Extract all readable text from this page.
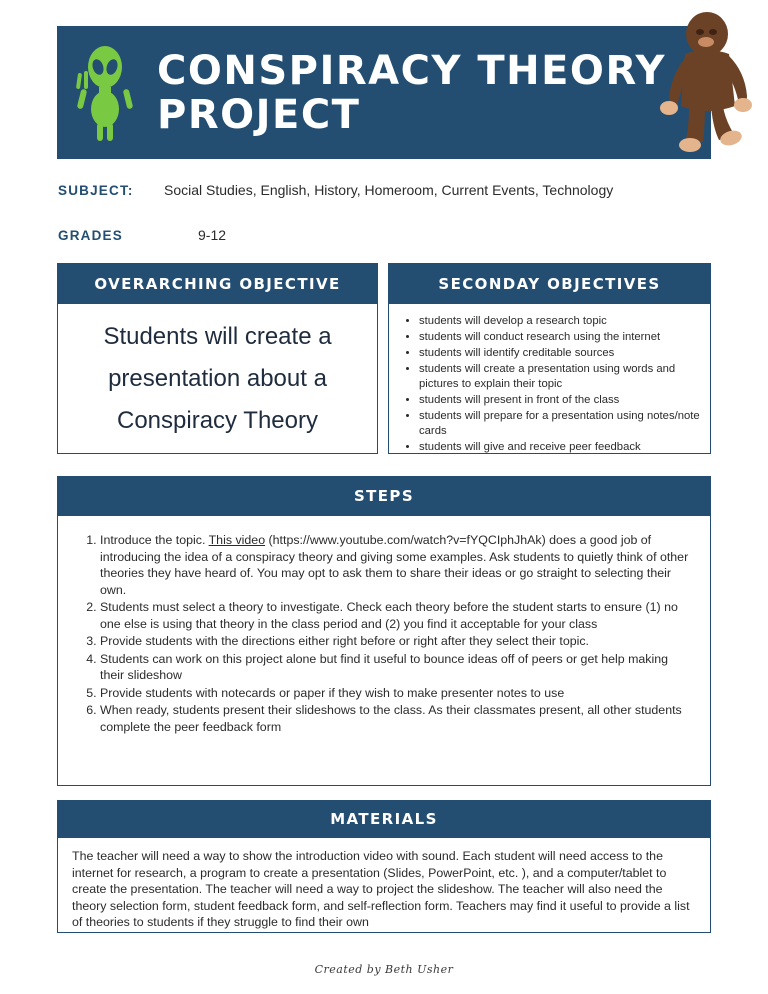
CONSPIRACY THEORY
PROJECT
SUBJECT: Social Studies, English, History, Homeroom, Current Events, Technology
GRADES	9-12
OVERARCHING OBJECTIVE
Students will create a presentation about a Conspiracy Theory
SECONDAY OBJECTIVES
• students will develop a research topic
• students will conduct research using the internet
• students will identify creditable sources
• students will create a presentation using words and pictures to explain their topic
• students will present in front of the class
• students will prepare for a presentation using notes/note cards
• students will give and receive peer feedback
STEPS
1. Introduce the topic. This video (https://www.youtube.com/watch?v=fYQCIphJhAk) does a good job of introducing the idea of a conspiracy theory and giving some examples. Ask students to quietly think of other theories they have heard of. You may opt to ask them to share their ideas or go straight to selecting their own.
2. Students must select a theory to investigate. Check each theory before the student starts to ensure (1) no one else is using that theory in the class period and (2) you find it acceptable for your class
3. Provide students with the directions either right before or right after they select their topic.
4. Students can work on this project alone but find it useful to bounce ideas off of peers or get help making their slideshow
5. Provide students with notecards or paper if they wish to make presenter notes to use
6. When ready, students present their slideshows to the class. As their classmates present, all other students complete the peer feedback form
MATERIALS

The teacher will need a way to show the introduction video with sound. Each student will need access to the internet for research, a program to create a presentation (Slides, PowerPoint, etc. ), and a computer/tablet to create the presentation. The teacher will need a way to project the slideshow. The teacher will also need the theory selection form, student feedback form, and self-reflection form. Teachers may find it useful to provide a list of theories to students if they struggle to find their own

Created by Beth Usher
